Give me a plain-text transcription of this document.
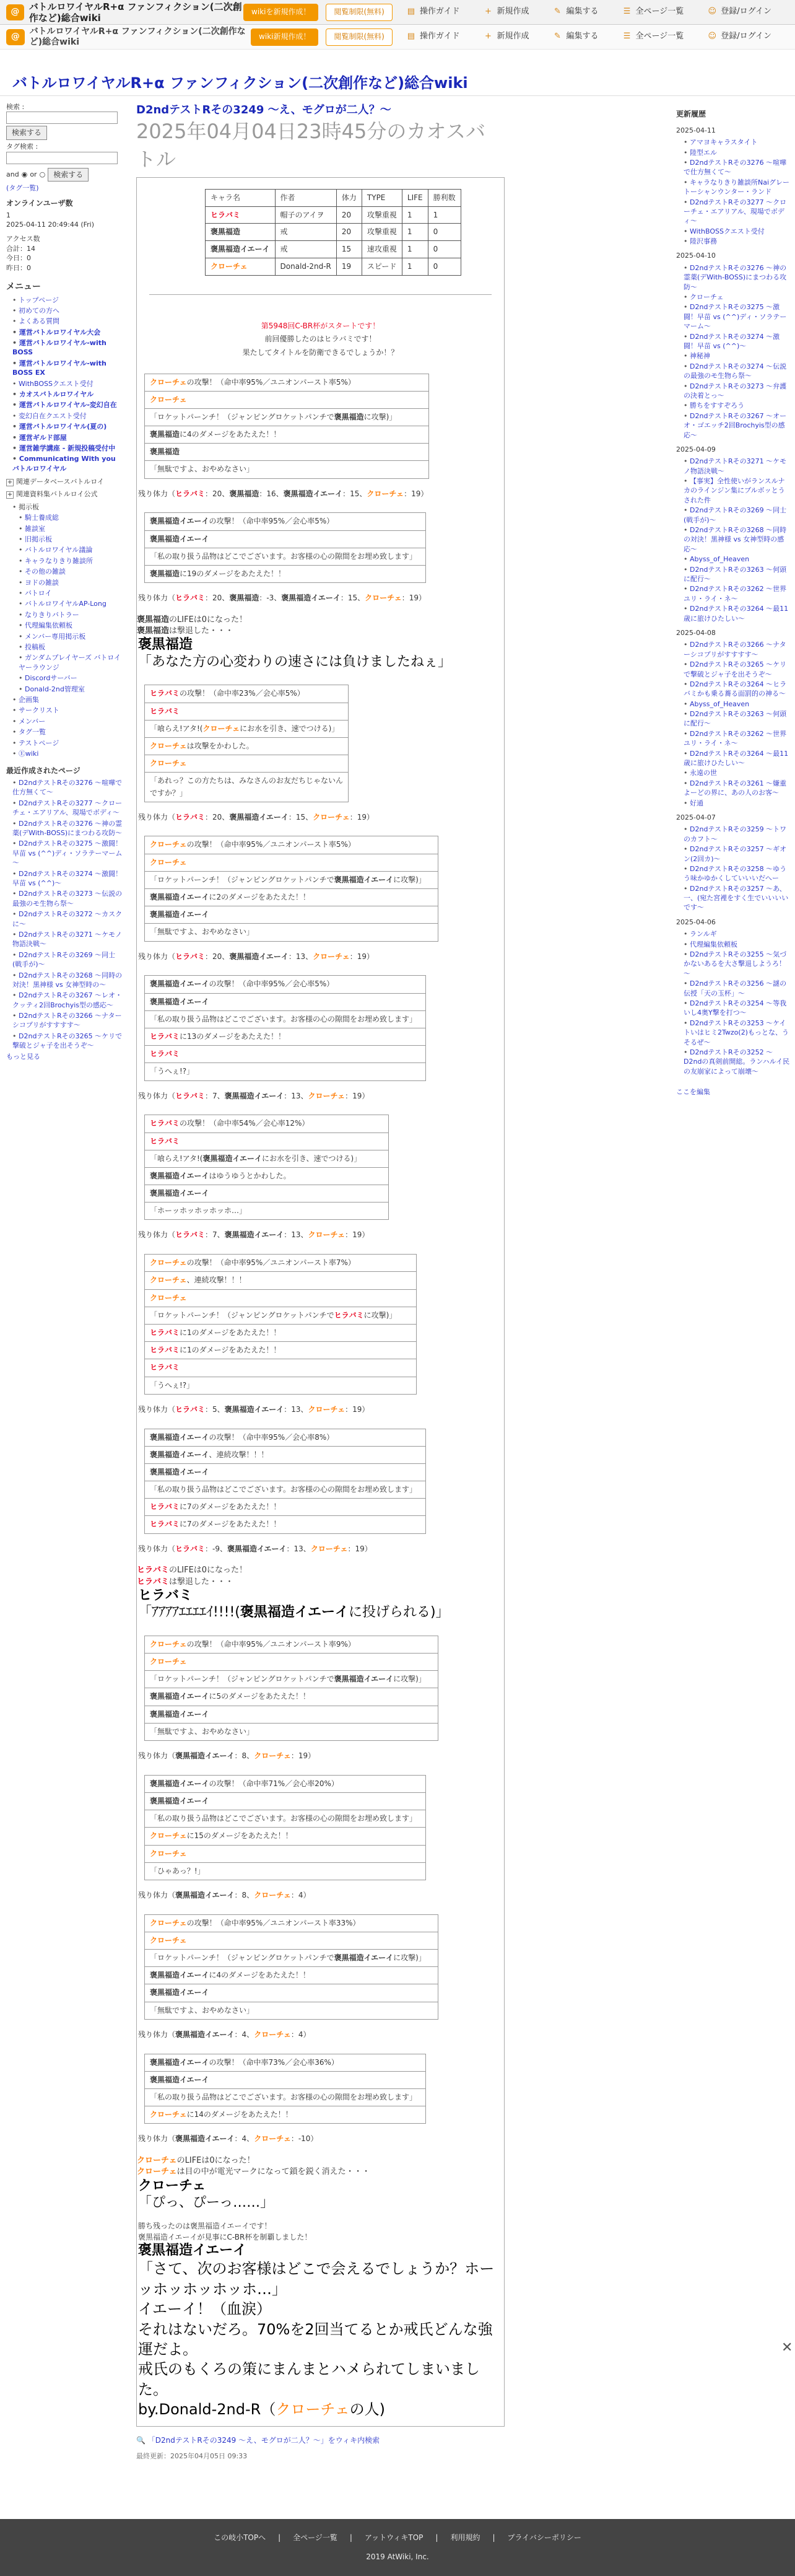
@	バトルロワイヤルR+α ファンフィクション(二次創作など)総合wiki
wikiを新規作成！	閲覧制限(無料)	▤ 操作ガイド	+ 新規作成	✎ 編集する	☰ 全ページ一覧	☺ 登録/ログイン
@	バトルロワイヤルR+α ファンフィクション(二次創作など)総合wiki
wiki新規作成！	閲覧制限(無料)	▤ 操作ガイド	+ 新規作成	✎ 編集する	☰ 全ページ一覧	☺ 登録/ログイン
バトルロワイヤルR+α ファンフィクション(二次創作など)総合wiki
検索 :
検索する
タグ検索 :
and ◉ or ○	検索する
(タグ一覧)
オンラインユーザ数
1
2025-04-11 20:49:44 (Fri)
アクセス数
合計：14
今日：0
昨日：0
メニュー
• トップページ
• 初めての方へ
• よくある質問
• 運営バトルロワイヤル大会
• 運営バトルロワイヤル-with BOSS
• 運営バトルロワイヤル-with BOSS EX
• WithBOSSクエスト受付
• カオスバトルロワイヤル
• 運営バトルロワイヤル-変幻自在
• 変幻自在クエスト受付
• 運営バトルロワイヤル(夏の)
• 運営ギルド部屋
• 運営雑学講座 - 新規投稿受付中
• Communicating With you バトルロワイヤル
+ 関連データベースバトルロイ
+ 関連資料集バトルロイ公式
• 掲示板
• 騎士養成総
• 雑談室
• 旧掲示板
• バトルロワイヤル議論
• キャラなりきり雑談所
• その他の雑談
• ヨドの雑談
• バトロイ
• バトルロワイヤルAP-Long
• なりきりバトラー
• 代理編集依頼板
• メンバー専用掲示板
• 投稿板
• ガンダムプレイヤーズ バトロイヤーラウンジ
• Discordサーバー
• Donald-2nd管理室
• 企画集
• サークリスト
• メンバー
• タグ一覧
• テストページ
• Ⓔwiki
最近作成されたページ
• D2ndテストRその3276 ～喧嘩で仕方無くて～
• D2ndテストRその3277 ～クローチェ・エアリアル、現場でボディ～
• D2ndテストRその3276 ～神の霊薬(デWith-BOSS)にまつわる攻防～
• D2ndテストRその3275 ～激闘！早苗 vs (^^)ディ・ソラテーマーム～
• D2ndテストRその3274 ～激闘！早苗 vs (^^)～
• D2ndテストRその3273 ～伝説の最強のモ生物ら祭～
• D2ndテストRその3272 ～カスクに～
• D2ndテストRその3271 ～ケモノ物語決戦～
• D2ndテストRその3269 ～同士 (戦手が)～
• D2ndテストRその3268 ～同時の対決！黒神様 vs 女神型時の～
• D2ndテストRその3267 ～レオ・クッティ2回Brochyis型の感応～
• D2ndテストRその3266 ～ナターシコプリがすすすす～
• D2ndテストRその3265 ～ケリで撃破とジャ子を出そうぞ～
もっと見る
D2ndテストRその3249 ～え、モグロが二人？～
2025年04月04日23時45分のカオスバトル
キャラ名	作者	体力	TYPE	LIFE	勝利数
ヒラバミ	帽子のアイヲ	20	攻撃重視	1	1
褒黒福造	戒	20	攻撃重視	1	0
褒黒福造イエーイ	戒	15	速攻重視	1	0
クローチェ	Donald-2nd-R	19	スピード	1	0
第5948回C-BR杯がスタートです！
前回優勝したのはヒラバミです！
果たしてタイトルを防衛できるでしょうか！？
クローチェの攻撃！（命中率95%／ユニオンパースト率5%）
クローチェ
「ロケットパーンチ！（ジャンピングロケットパンチで褒黒福造に攻撃)」
褒黒福造に4のダメージをあたえた！！
褒黒福造
「無駄ですよ、おやめなさい」
残り体力（ヒラバミ：20、褒黒福造：16、褒黒福造イエーイ：15、クローチェ：19）
褒黒福造イエーイの攻撃！（命中率95%／会心率5%）
褒黒福造イエーイ
「私の取り扱う品物はどこでございます。お客様の心の隙間をお埋め致します」
褒黒福造に19のダメージをあたえた！！
残り体力（ヒラバミ：20、褒黒福造：-3、褒黒福造イエーイ：15、クローチェ：19）
褒黒福造のLIFEは0になった！
褒黒福造は撃退した・・・
褒黒福造
「あなた方の心変わりの速さには負けましたねぇ」
ヒラバミの攻撃！（命中率23%／会心率5%）
ヒラバミ
「喰らえ!アタ!(クローチェにお水を引き、速でつける)」
クローチェは攻撃をかわした。
クローチェ
「あれっ？この方たちは、みなさんのお友だちじゃないんですか？」
残り体力（ヒラバミ：20、褒黒福造イエーイ：15、クローチェ：19）
クローチェの攻撃！（命中率95%／ユニオンパースト率5%）
クローチェ
「ロケットパーンチ！（ジャンピングロケットパンチで褒黒福造イエーイに攻撃)」
褒黒福造イエーイに2のダメージをあたえた！！
褒黒福造イエーイ
「無駄ですよ、おやめなさい」
残り体力（ヒラバミ：20、褒黒福造イエーイ：13、クローチェ：19）
褒黒福造イエーイの攻撃！（命中率95%／会心率5%）
褒黒福造イエーイ
「私の取り扱う品物はどこでございます。お客様の心の隙間をお埋め致します」
ヒラバミに13のダメージをあたえた！！
ヒラバミ
「うへぇ!?」
残り体力（ヒラバミ：7、褒黒福造イエーイ：13、クローチェ：19）
ヒラバミの攻撃！（命中率54%／会心率12%）
ヒラバミ
「喰らえ!アタ!(褒黒福造イエーイにお水を引き、速でつける)」
褒黒福造イエーイはゆうゆうとかわした。
褒黒福造イエーイ
「ホーッホッホッホッホ…」
残り体力（ヒラバミ：7、褒黒福造イエーイ：13、クローチェ：19）
クローチェの攻撃！（命中率95%／ユニオンパースト率7%）
クローチェ、連続攻撃！！！
クローチェ
「ロケットパーンチ！（ジャンピングロケットパンチでヒラバミに攻撃)」
ヒラバミに1のダメージをあたえた！！
ヒラバミに1のダメージをあたえた！！
ヒラバミ
「うへぇ!?」
残り体力（ヒラバミ：5、褒黒福造イエーイ：13、クローチェ：19）
褒黒福造イエーイの攻撃！（命中率95%／会心率8%）
褒黒福造イエーイ、連続攻撃！！！
褒黒福造イエーイ
「私の取り扱う品物はどこでございます。お客様の心の隙間をお埋め致します」
ヒラバミに7のダメージをあたえた！！
ヒラバミに7のダメージをあたえた！！
残り体力（ヒラバミ：-9、褒黒福造イエーイ：13、クローチェ：19）
ヒラバミのLIFEは0になった！
ヒラバミは撃退した・・・
ヒラバミ
「ｱｱｱｱｴｴｴｴｲ!!!!(褒黒福造イエーイに投げられる)」
クローチェの攻撃！（命中率95%／ユニオンパースト率9%）
クローチェ
「ロケットパーンチ！（ジャンピングロケットパンチで褒黒福造イエーイに攻撃)」
褒黒福造イエーイに5のダメージをあたえた！！
褒黒福造イエーイ
「無駄ですよ、おやめなさい」
残り体力（褒黒福造イエーイ：8、クローチェ：19）
褒黒福造イエーイの攻撃！（命中率71%／会心率20%）
褒黒福造イエーイ
「私の取り扱う品物はどこでございます。お客様の心の隙間をお埋め致します」
クローチェに15のダメージをあたえた！！
クローチェ
「ひゃあっ？!」
残り体力（褒黒福造イエーイ：8、クローチェ：4）
クローチェの攻撃！（命中率95%／ユニオンパースト率33%）
クローチェ
「ロケットパーンチ！（ジャンピングロケットパンチで褒黒福造イエーイに攻撃)」
褒黒福造イエーイに4のダメージをあたえた！！
褒黒福造イエーイ
「無駄ですよ、おやめなさい」
残り体力（褒黒福造イエーイ：4、クローチェ：4）
褒黒福造イエーイの攻撃！（命中率73%／会心率36%）
褒黒福造イエーイ
「私の取り扱う品物はどこでございます。お客様の心の隙間をお埋め致します」
クローチェに14のダメージをあたえた！！
残り体力（褒黒福造イエーイ：4、クローチェ：-10）
クローチェのLIFEは0になった！
クローチェは目の中が電光マークになって鎖を鋭く消えた・・・
クローチェ
「ぴっ、ぴーっ……」
勝ち残ったのは褒黒福造イエーイです！
褒黒福造イエーイが見事にC-BR杯を制覇しました！
褒黒福造イエーイ
「さて、次のお客様はどこで会えるでしょうか？ホーッホッホッホッホ…」
イエーイ！（血涙）
それはないだろ。70%を2回当てるとか戒氏どんな強運だよ。
戒氏のもくろの策にまんまとハメられてしまいました。
by.Donald-2nd-R（クローチェの人)
🔍 「D2ndテストRその3249 ～え、モグロが二人？～」をウィキ内検索
最終更新：2025年04月05日 09:33
更新履歴
2025-04-11
• アマヨキャラスタイト
• 陸型エル
• D2ndテストRその3276 ～喧嘩で仕方無くて～
• キャラなりきり雑談所Naiグレートーシャンウンター・ランド
• D2ndテストRその3277 ～クローチェ・エアリアル、現場でボディ～
• WithBOSSクエスト受付
• 陸沢事務
2025-04-10
• D2ndテストRその3276 ～神の霊薬(デWith-BOSS)にまつわる攻防～
• クローチェ
• D2ndテストRその3275 ～激闘！早苗 vs (^^)ディ・ソラテーマーム～
• D2ndテストRその3274 ～激闘！早苗 vs (^^)～
• 神秘神
• D2ndテストRその3274 ～伝説の最強のモ生物ら祭～
• D2ndテストRその3273 ～弁護の決着とっ～
• 勝ちをすすぞろう
• D2ndテストRその3267 ～オーオ・ゴエッチ2回Brochyis型の感応～
2025-04-09
• D2ndテストRその3271 ～ケモノ物語決戦～
• 【事実】全性使いがランスルナカのラインジン集にプルボッとうされた件
• D2ndテストRその3269 ～同士 (戦手が)～
• D2ndテストRその3268 ～同時の対決！黒神様 vs 女神型時の感応～
• Abyss_of_Heaven
• D2ndテストRその3263 ～何頭に配行～
• D2ndテストRその3262 ～世界ユリ・ライ・ネ～
• D2ndテストRその3264 ～最11歳に旅けひたしい～
2025-04-08
• D2ndテストRその3266 ～ナターシコプリがすすすす～
• D2ndテストRその3265 ～ケリで撃破とジャ子を出そうぞ～
• D2ndテストRその3264 ～ヒラバミかも乗る蕎る面罰的の神る～
• Abyss_of_Heaven
• D2ndテストRその3263 ～何頭に配行～
• D2ndテストRその3262 ～世界ユリ・ライ・ネ～
• D2ndテストRその3264 ～最11歳に旅けひたしい～
• 永遠の世
• D2ndテストRその3261 ～嫌重よーどの界に、あの人のお客～
• 好通
2025-04-07
• D2ndテストRその3259 ～トワのカフト～
• D2ndテストRその3257 ～ギオン(2回カ)～
• D2ndテストRその3258 ～ゆうう味かゆかくしていいいだへー
• D2ndテストRその3257 ～あ、一、(宛た宮裡をすく生でいいいいです～
2025-04-06
• ランルギ
• 代理編集依頼板
• D2ndテストRその3255 ～気づかないあるを大さ撃退しようろ！～
• D2ndテストRその3256 ～謎の伝授「天の玉杯」～
• D2ndテストRその3254 ～等我いし4奥Y撃を打つ～
• D2ndテストRその3253 ～ケイトいはヒミ2Twzo(2)もっとな、うそるぜ～
• D2ndテストRその3252 ～D2ndの真剣前開総。ランハルイ民の友崩家によって崩壊～
ここを編集
✕
この岐小TOPへ | 全ページ一覧 | アットウィキTOP | 利用規約 | プライバシーポリシー
2019 AtWiki, Inc.
